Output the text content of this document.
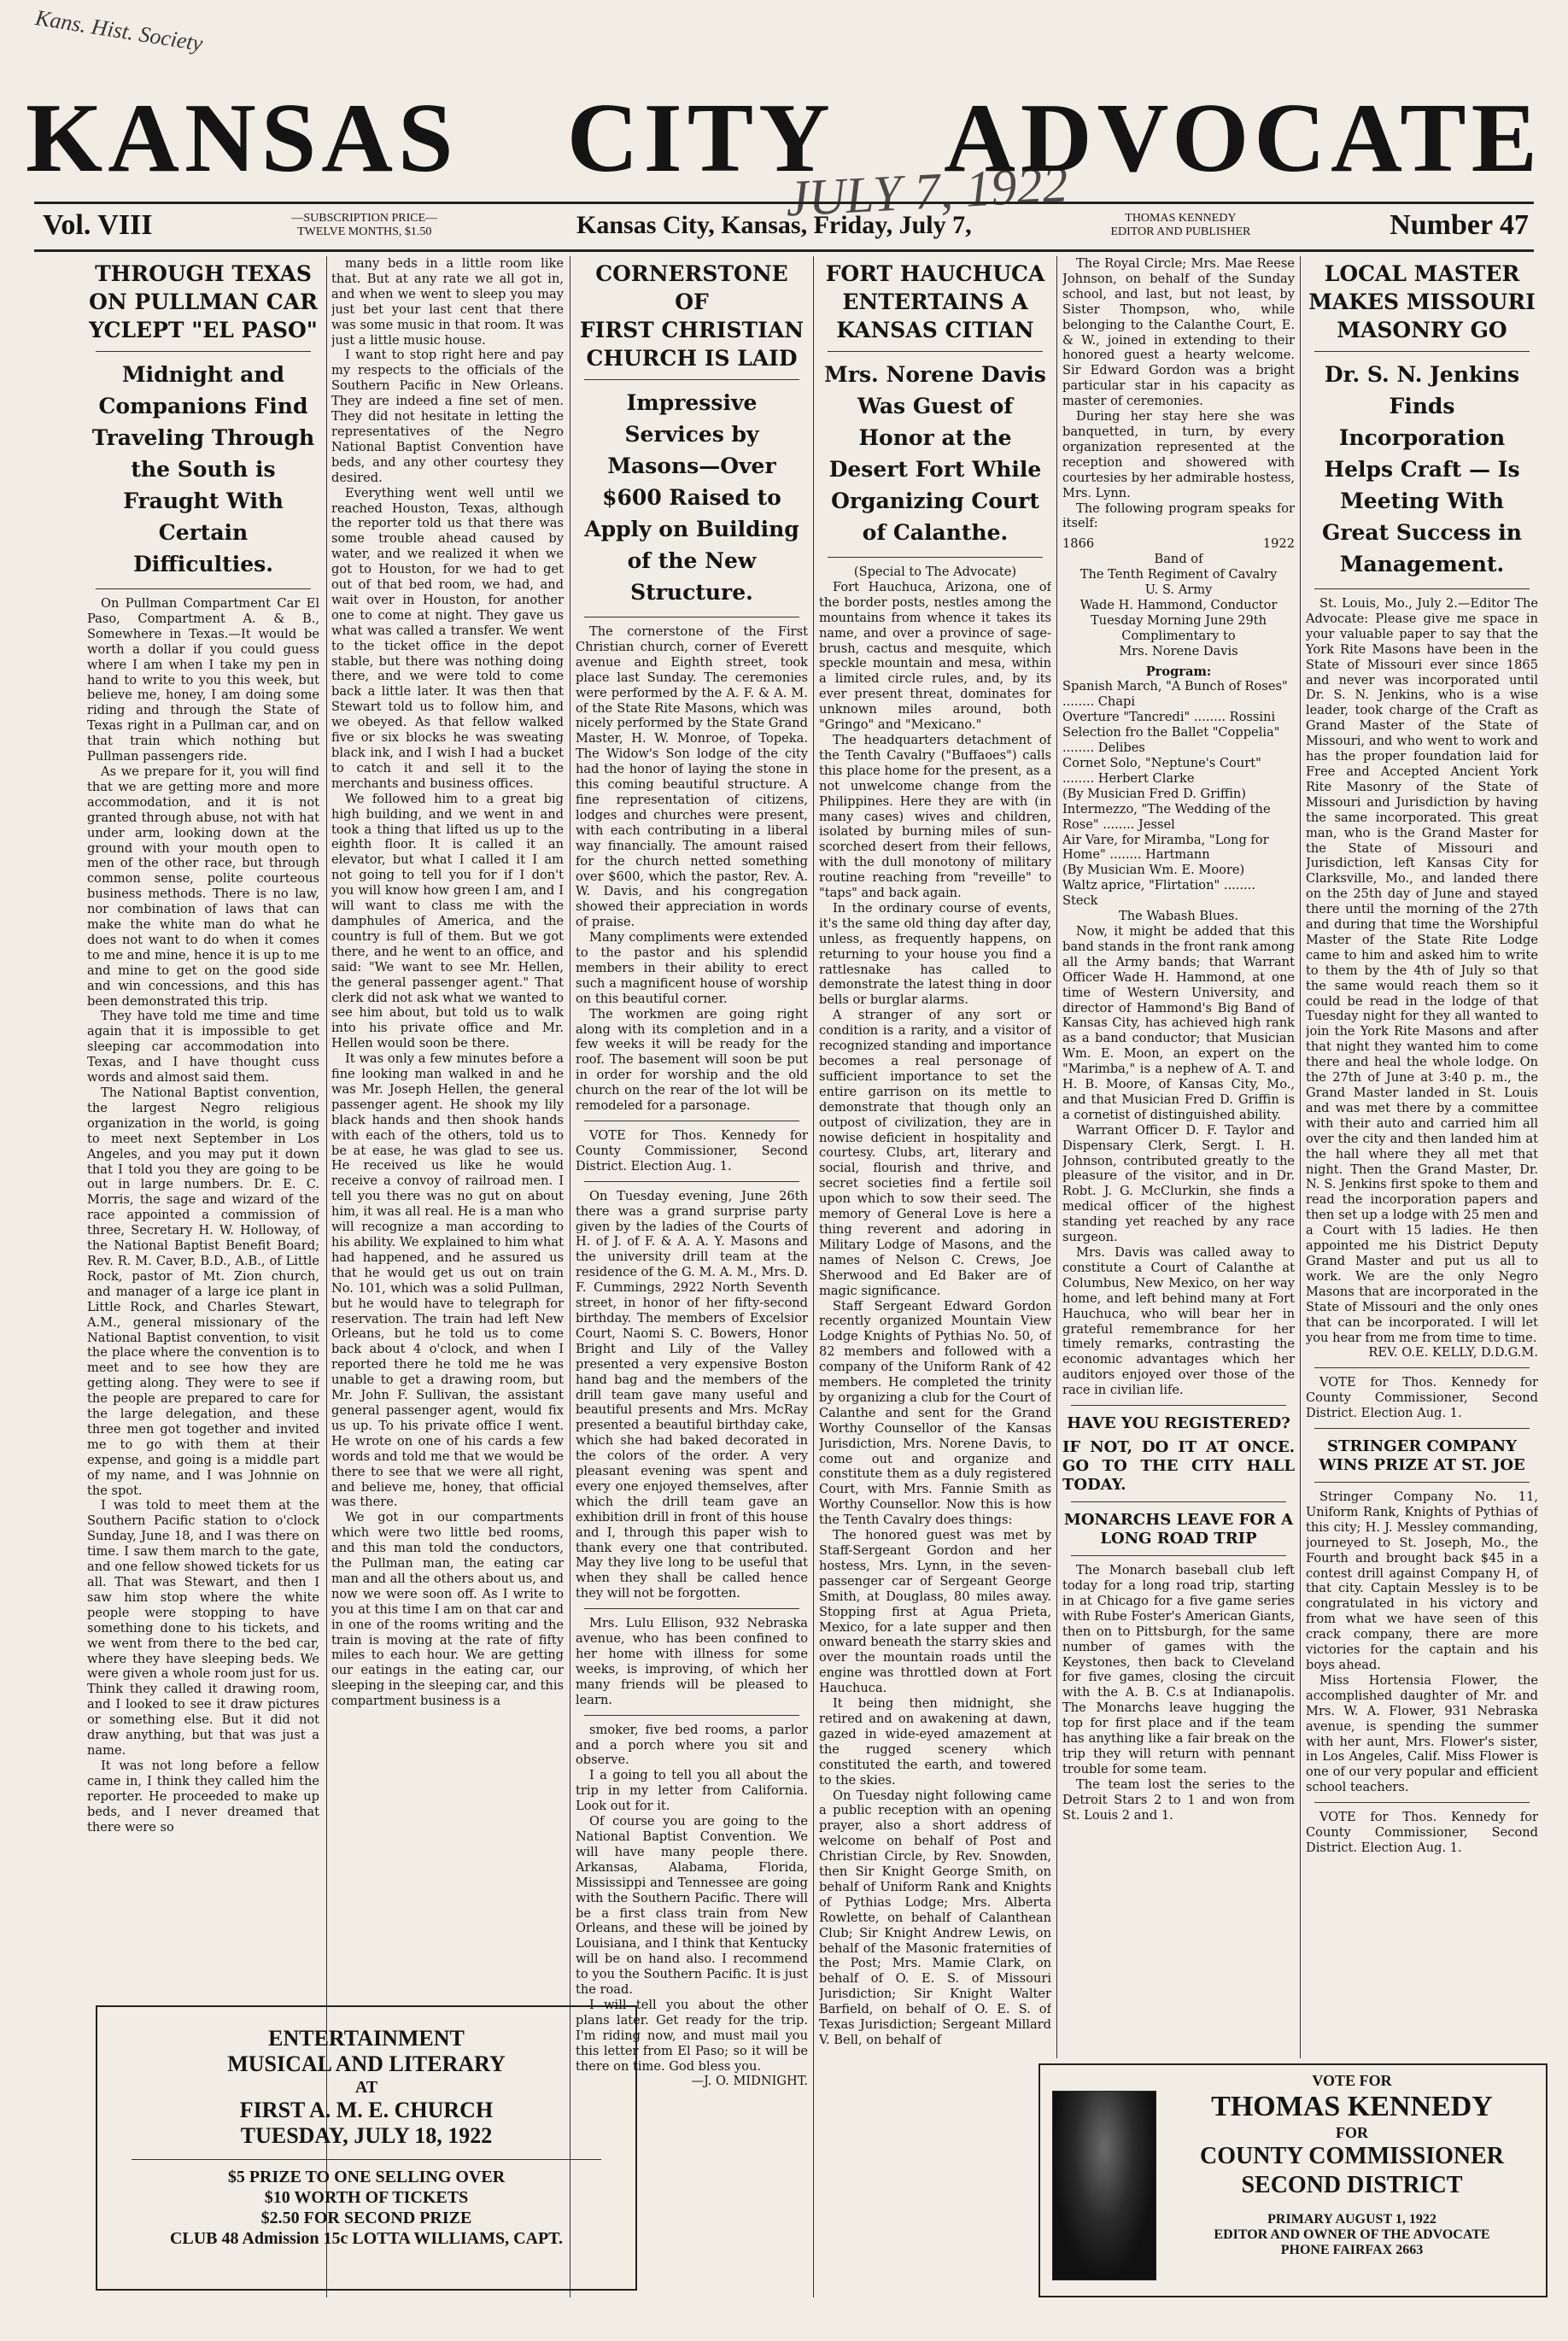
Kans. Hist. Society
KANSAS CITY ADVOCATE
JULY 7, 1922
Vol. VIII	—SUBSCRIPTION PRICE—
TWELVE MONTHS, $1.50	Kansas City, Kansas, Friday, July 7,	THOMAS KENNEDY
EDITOR AND PUBLISHER	Number 47
THROUGH TEXAS
ON PULLMAN CAR
YCLEPT "EL PASO"
Midnight and Companions Find Traveling Through the South is Fraught With Certain Difficulties.

On Pullman Compartment Car El Paso, Compartment A. & B., Somewhere in Texas.—It would be worth a dollar if you could guess where I am when I take my pen in hand to write to you this week, but believe me, honey, I am doing some riding and through the State of Texas right in a Pullman car, and on that train which nothing but Pullman passengers ride.

As we prepare for it, you will find that we are getting more and more accommodation, and it is not granted through abuse, not with hat under arm, looking down at the ground with your mouth open to men of the other race, but through common sense, polite courteous business methods. There is no law, nor combination of laws that can make the white man do what he does not want to do when it comes to me and mine, hence it is up to me and mine to get on the good side and win concessions, and this has been demonstrated this trip.

They have told me time and time again that it is impossible to get sleeping car accommodation into Texas, and I have thought cuss words and almost said them.

The National Baptist convention, the largest Negro religious organization in the world, is going to meet next September in Los Angeles, and you may put it down that I told you they are going to be out in large numbers. Dr. E. C. Morris, the sage and wizard of the race appointed a commission of three, Secretary H. W. Holloway, of the National Baptist Benefit Board; Rev. R. M. Caver, B.D., A.B., of Little Rock, pastor of Mt. Zion church, and manager of a large ice plant in Little Rock, and Charles Stewart, A.M., general missionary of the National Baptist convention, to visit the place where the convention is to meet and to see how they are getting along. They were to see if the people are prepared to care for the large delegation, and these three men got together and invited me to go with them at their expense, and going is a middle part of my name, and I was Johnnie on the spot.

I was told to meet them at the Southern Pacific station to o'clock Sunday, June 18, and I was there on time. I saw them march to the gate, and one fellow showed tickets for us all. That was Stewart, and then I saw him stop where the white people were stopping to have something done to his tickets, and we went from there to the bed car, where they have sleeping beds. We were given a whole room just for us. Think they called it drawing room, and I looked to see it draw pictures or something else. But it did not draw anything, but that was just a name.

It was not long before a fellow came in, I think they called him the reporter. He proceeded to make up beds, and I never dreamed that there were so

many beds in a little room like that. But at any rate we all got in, and when we went to sleep you may just bet your last cent that there was some music in that room. It was just a little music house.

I want to stop right here and pay my respects to the officials of the Southern Pacific in New Orleans. They are indeed a fine set of men. They did not hesitate in letting the representatives of the Negro National Baptist Convention have beds, and any other courtesy they desired.

Everything went well until we reached Houston, Texas, although the reporter told us that there was some trouble ahead caused by water, and we realized it when we got to Houston, for we had to get out of that bed room, we had, and wait over in Houston, for another one to come at night. They gave us what was called a transfer. We went to the ticket office in the depot stable, but there was nothing doing there, and we were told to come back a little later. It was then that Stewart told us to follow him, and we obeyed. As that fellow walked five or six blocks he was sweating black ink, and I wish I had a bucket to catch it and sell it to the merchants and business offices.

We followed him to a great big high building, and we went in and took a thing that lifted us up to the eighth floor. It is called it an elevator, but what I called it I am not going to tell you for if I don't you will know how green I am, and I will want to class me with the damphules of America, and the country is full of them. But we got there, and he went to an office, and said: "We want to see Mr. Hellen, the general passenger agent." That clerk did not ask what we wanted to see him about, but told us to walk into his private office and Mr. Hellen would soon be there.

It was only a few minutes before a fine looking man walked in and he was Mr. Joseph Hellen, the general passenger agent. He shook my lily black hands and then shook hands with each of the others, told us to be at ease, he was glad to see us. He received us like he would receive a convoy of railroad men. I tell you there was no gut on about him, it was all real. He is a man who will recognize a man according to his ability. We explained to him what had happened, and he assured us that he would get us out on train No. 101, which was a solid Pullman, but he would have to telegraph for reservation. The train had left New Orleans, but he told us to come back about 4 o'clock, and when I reported there he told me he was unable to get a drawing room, but Mr. John F. Sullivan, the assistant general passenger agent, would fix us up. To his private office I went. He wrote on one of his cards a few words and told me that we would be there to see that we were all right, and believe me, honey, that official was there.

We got in our compartments which were two little bed rooms, and this man told the conductors, the Pullman man, the eating car man and all the others about us, and now we were soon off. As I write to you at this time I am on that car and in one of the rooms writing and the train is moving at the rate of fifty miles to each hour. We are getting our eatings in the eating car, our sleeping in the sleeping car, and this compartment business is a

ENTERTAINMENT
MUSICAL AND LITERARY
AT
FIRST A. M. E. CHURCH
TUESDAY, JULY 18, 1922
$5 PRIZE TO ONE SELLING OVER
$10 WORTH OF TICKETS
$2.50 FOR SECOND PRIZE
CLUB 48 Admission 15c LOTTA WILLIAMS, CAPT.
CORNERSTONE OF
FIRST CHRISTIAN
CHURCH IS LAID
Impressive Services by Masons—Over $600 Raised to Apply on Building of the New Structure.

The cornerstone of the First Christian church, corner of Everett avenue and Eighth street, took place last Sunday. The ceremonies were performed by the A. F. & A. M. of the State Rite Masons, which was nicely performed by the State Grand Master, H. W. Monroe, of Topeka. The Widow's Son lodge of the city had the honor of laying the stone in this coming beautiful structure. A fine representation of citizens, lodges and churches were present, with each contributing in a liberal way financially. The amount raised for the church netted something over $600, which the pastor, Rev. A. W. Davis, and his congregation showed their appreciation in words of praise.

Many compliments were extended to the pastor and his splendid members in their ability to erect such a magnificent house of worship on this beautiful corner.

The workmen are going right along with its completion and in a few weeks it will be ready for the roof. The basement will soon be put in order for worship and the old church on the rear of the lot will be remodeled for a parsonage.

VOTE for Thos. Kennedy for County Commissioner, Second District. Election Aug. 1.

On Tuesday evening, June 26th there was a grand surprise party given by the ladies of the Courts of H. of J. of F. & A. A. Y. Masons and the university drill team at the residence of the G. M. A. M., Mrs. D. F. Cummings, 2922 North Seventh street, in honor of her fifty-second birthday. The members of Excelsior Court, Naomi S. C. Bowers, Honor Bright and Lily of the Valley presented a very expensive Boston hand bag and the members of the drill team gave many useful and beautiful presents and Mrs. McRay presented a beautiful birthday cake, which she had baked decorated in the colors of the order. A very pleasant evening was spent and every one enjoyed themselves, after which the drill team gave an exhibition drill in front of this house and I, through this paper wish to thank every one that contributed. May they live long to be useful that when they shall be called hence they will not be forgotten.

Mrs. Lulu Ellison, 932 Nebraska avenue, who has been confined to her home with illness for some weeks, is improving, of which her many friends will be pleased to learn.

smoker, five bed rooms, a parlor and a porch where you sit and observe.

I a going to tell you all about the trip in my letter from California. Look out for it.

Of course you are going to the National Baptist Convention. We will have many people there. Arkansas, Alabama, Florida, Mississippi and Tennessee are going with the Southern Pacific. There will be a first class train from New Orleans, and these will be joined by Louisiana, and I think that Kentucky will be on hand also. I recommend to you the Southern Pacific. It is just the road.

I will tell you about the other plans later. Get ready for the trip. I'm riding now, and must mail you this letter from El Paso; so it will be there on time. God bless you.

—J. O. MIDNIGHT.

FORT HAUCHUCA
ENTERTAINS A
KANSAS CITIAN
Mrs. Norene Davis Was Guest of Honor at the Desert Fort While Organizing Court of Calanthe.

(Special to The Advocate)

Fort Hauchuca, Arizona, one of the border posts, nestles among the mountains from whence it takes its name, and over a province of sage-brush, cactus and mesquite, which speckle mountain and mesa, within a limited circle rules, and, by its ever present threat, dominates for unknown miles around, both "Gringo" and "Mexicano."

The headquarters detachment of the Tenth Cavalry ("Buffaoes") calls this place home for the present, as a not unwelcome change from the Philippines. Here they are with (in many cases) wives and children, isolated by burning miles of sun-scorched desert from their fellows, with the dull monotony of military routine reaching from "reveille" to "taps" and back again.

In the ordinary course of events, it's the same old thing day after day, unless, as frequently happens, on returning to your house you find a rattlesnake has called to demonstrate the latest thing in door bells or burglar alarms.

A stranger of any sort or condition is a rarity, and a visitor of recognized standing and importance becomes a real personage of sufficient importance to set the entire garrison on its mettle to demonstrate that though only an outpost of civilization, they are in nowise deficient in hospitality and courtesy. Clubs, art, literary and social, flourish and thrive, and secret societies find a fertile soil upon which to sow their seed. The memory of General Love is here a thing reverent and adoring in Military Lodge of Masons, and the names of Nelson C. Crews, Joe Sherwood and Ed Baker are of magic significance.

Staff Sergeant Edward Gordon recently organized Mountain View Lodge Knights of Pythias No. 50, of 82 members and followed with a company of the Uniform Rank of 42 members. He completed the trinity by organizing a club for the Court of Calanthe and sent for the Grand Worthy Counsellor of the Kansas Jurisdiction, Mrs. Norene Davis, to come out and organize and constitute them as a duly registered Court, with Mrs. Fannie Smith as Worthy Counsellor. Now this is how the Tenth Cavalry does things:

The honored guest was met by Staff-Sergeant Gordon and her hostess, Mrs. Lynn, in the seven-passenger car of Sergeant George Smith, at Douglass, 80 miles away. Stopping first at Agua Prieta, Mexico, for a late supper and then onward beneath the starry skies and over the mountain roads until the engine was throttled down at Fort Hauchuca.

It being then midnight, she retired and on awakening at dawn, gazed in wide-eyed amazement at the rugged scenery which constituted the earth, and towered to the skies.

On Tuesday night following came a public reception with an opening prayer, also a short address of welcome on behalf of Post and Christian Circle, by Rev. Snowden, then Sir Knight George Smith, on behalf of Uniform Rank and Knights of Pythias Lodge; Mrs. Alberta Rowlette, on behalf of Calanthean Club; Sir Knight Andrew Lewis, on behalf of the Masonic fraternities of the Post; Mrs. Mamie Clark, on behalf of O. E. S. of Missouri Jurisdiction; Sir Knight Walter Barfield, on behalf of O. E. S. of Texas Jurisdiction; Sergeant Millard V. Bell, on behalf of

The Royal Circle; Mrs. Mae Reese Johnson, on behalf of the Sunday school, and last, but not least, by Sister Thompson, who, while belonging to the Calanthe Court, E. & W., joined in extending to their honored guest a hearty welcome. Sir Edward Gordon was a bright particular star in his capacity as master of ceremonies.

During her stay here she was banquetted, in turn, by every organization represented at the reception and showered with courtesies by her admirable hostess, Mrs. Lynn.

The following program speaks for itself:

1866	1922
Band of
The Tenth Regiment of Cavalry
U. S. Army
Wade H. Hammond, Conductor
Tuesday Morning June 29th
Complimentary to
Mrs. Norene Davis
Program:
Spanish March, "A Bunch of Roses" ........ Chapi
Overture "Tancredi" ........ Rossini
Selection fro the Ballet "Coppelia" ........ Delibes
Cornet Solo, "Neptune's Court" ........ Herbert Clarke
(By Musician Fred D. Griffin)
Intermezzo, "The Wedding of the Rose" ........ Jessel
Air Vare, for Miramba, "Long for Home" ........ Hartmann
(By Musician Wm. E. Moore)
Waltz aprice, "Flirtation" ........ Steck
The Wabash Blues.

Now, it might be added that this band stands in the front rank among all the Army bands; that Warrant Officer Wade H. Hammond, at one time of Western University, and director of Hammond's Big Band of Kansas City, has achieved high rank as a band conductor; that Musician Wm. E. Moon, an expert on the "Marimba," is a nephew of A. T. and H. B. Moore, of Kansas City, Mo., and that Musician Fred D. Griffin is a cornetist of distinguished ability.

Warrant Officer D. F. Taylor and Dispensary Clerk, Sergt. I. H. Johnson, contributed greatly to the pleasure of the visitor, and in Dr. Robt. J. G. McClurkin, she finds a medical officer of the highest standing yet reached by any race surgeon.

Mrs. Davis was called away to constitute a Court of Calanthe at Columbus, New Mexico, on her way home, and left behind many at Fort Hauchuca, who will bear her in grateful remembrance for her timely remarks, contrasting the economic advantages which her auditors enjoyed over those of the race in civilian life.

HAVE YOU REGISTERED?
IF NOT, DO IT AT ONCE. GO TO THE CITY HALL TODAY.
MONARCHS LEAVE FOR A LONG ROAD TRIP

The Monarch baseball club left today for a long road trip, starting in at Chicago for a five game series with Rube Foster's American Giants, then on to Pittsburgh, for the same number of games with the Keystones, then back to Cleveland for five games, closing the circuit with the A. B. C.s at Indianapolis. The Monarchs leave hugging the top for first place and if the team has anything like a fair break on the trip they will return with pennant trouble for some team.

The team lost the series to the Detroit Stars 2 to 1 and won from St. Louis 2 and 1.

LOCAL MASTER
MAKES MISSOURI
MASONRY GO
Dr. S. N. Jenkins Finds Incorporation Helps Craft — Is Meeting With Great Success in Management.

St. Louis, Mo., July 2.—Editor The Advocate: Please give me space in your valuable paper to say that the York Rite Masons have been in the State of Missouri ever since 1865 and never was incorporated until Dr. S. N. Jenkins, who is a wise leader, took charge of the Craft as Grand Master of the State of Missouri, and who went to work and has the proper foundation laid for Free and Accepted Ancient York Rite Masonry of the State of Missouri and Jurisdiction by having the same incorporated. This great man, who is the Grand Master for the State of Missouri and Jurisdiction, left Kansas City for Clarksville, Mo., and landed there on the 25th day of June and stayed there until the morning of the 27th and during that time the Worshipful Master of the State Rite Lodge came to him and asked him to write to them by the 4th of July so that the same would reach them so it could be read in the lodge of that Tuesday night for they all wanted to join the York Rite Masons and after that night they wanted him to come there and heal the whole lodge. On the 27th of June at 3:40 p. m., the Grand Master landed in St. Louis and was met there by a committee with their auto and carried him all over the city and then landed him at the hall where they all met that night. Then the Grand Master, Dr. N. S. Jenkins first spoke to them and read the incorporation papers and then set up a lodge with 25 men and a Court with 15 ladies. He then appointed me his District Deputy Grand Master and put us all to work. We are the only Negro Masons that are incorporated in the State of Missouri and the only ones that can be incorporated. I will let you hear from me from time to time.

REV. O.E. KELLY, D.D.G.M.

VOTE for Thos. Kennedy for County Commissioner, Second District. Election Aug. 1.

STRINGER COMPANY WINS PRIZE AT ST. JOE

Stringer Company No. 11, Uniform Rank, Knights of Pythias of this city; H. J. Messley commanding, journeyed to St. Joseph, Mo., the Fourth and brought back $45 in a contest drill against Company H, of that city. Captain Messley is to be congratulated in his victory and from what we have seen of this crack company, there are more victories for the captain and his boys ahead.

Miss Hortensia Flower, the accomplished daughter of Mr. and Mrs. W. A. Flower, 931 Nebraska avenue, is spending the summer with her aunt, Mrs. Flower's sister, in Los Angeles, Calif. Miss Flower is one of our very popular and efficient school teachers.

VOTE for Thos. Kennedy for County Commissioner, Second District. Election Aug. 1.

VOTE FOR
THOMAS KENNEDY
FOR
COUNTY COMMISSIONER
SECOND DISTRICT
PRIMARY AUGUST 1, 1922
EDITOR AND OWNER OF THE ADVOCATE
PHONE FAIRFAX 2663
